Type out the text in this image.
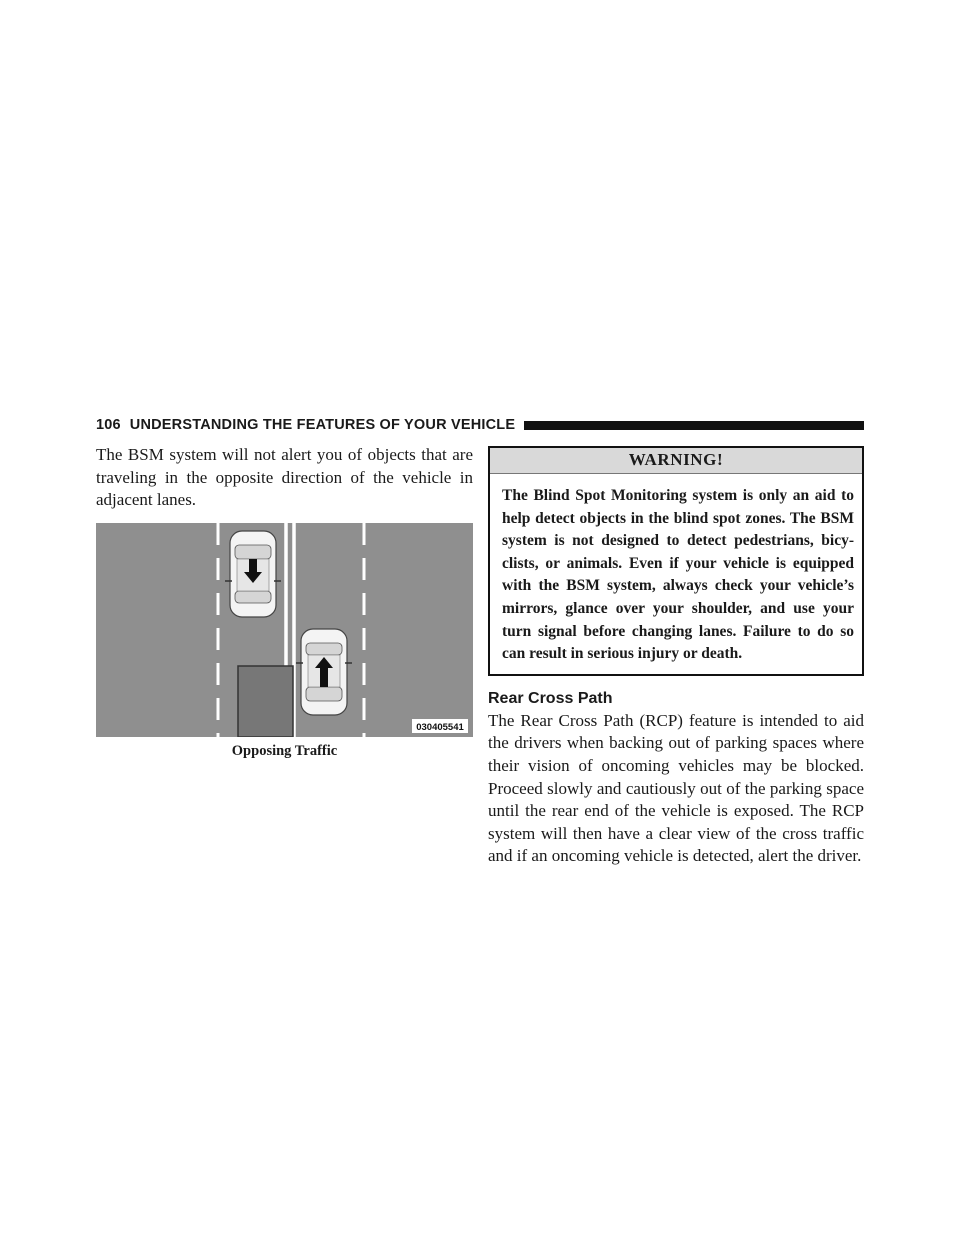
106 UNDERSTANDING THE FEATURES OF YOUR VEHICLE

The BSM system will not alert you of objects that are traveling in the opposite direction of the vehicle in adjacent lanes.

030405541
Opposing Traffic
WARNING!

The Blind Spot Monitoring system is only an aid to help detect objects in the blind spot zones. The BSM system is not designed to detect pedestrians, bicyclists, or animals. Even if your vehicle is equipped with the BSM system, always check your vehicle’s mirrors, glance over your shoulder, and use your turn signal before changing lanes. Failure to do so can result in serious injury or death.

Rear Cross Path

The Rear Cross Path (RCP) feature is intended to aid the drivers when backing out of parking spaces where their vision of oncoming vehicles may be blocked. Proceed slowly and cautiously out of the parking space until the rear end of the vehicle is exposed. The RCP system will then have a clear view of the cross traffic and if an oncoming vehicle is detected, alert the driver.
